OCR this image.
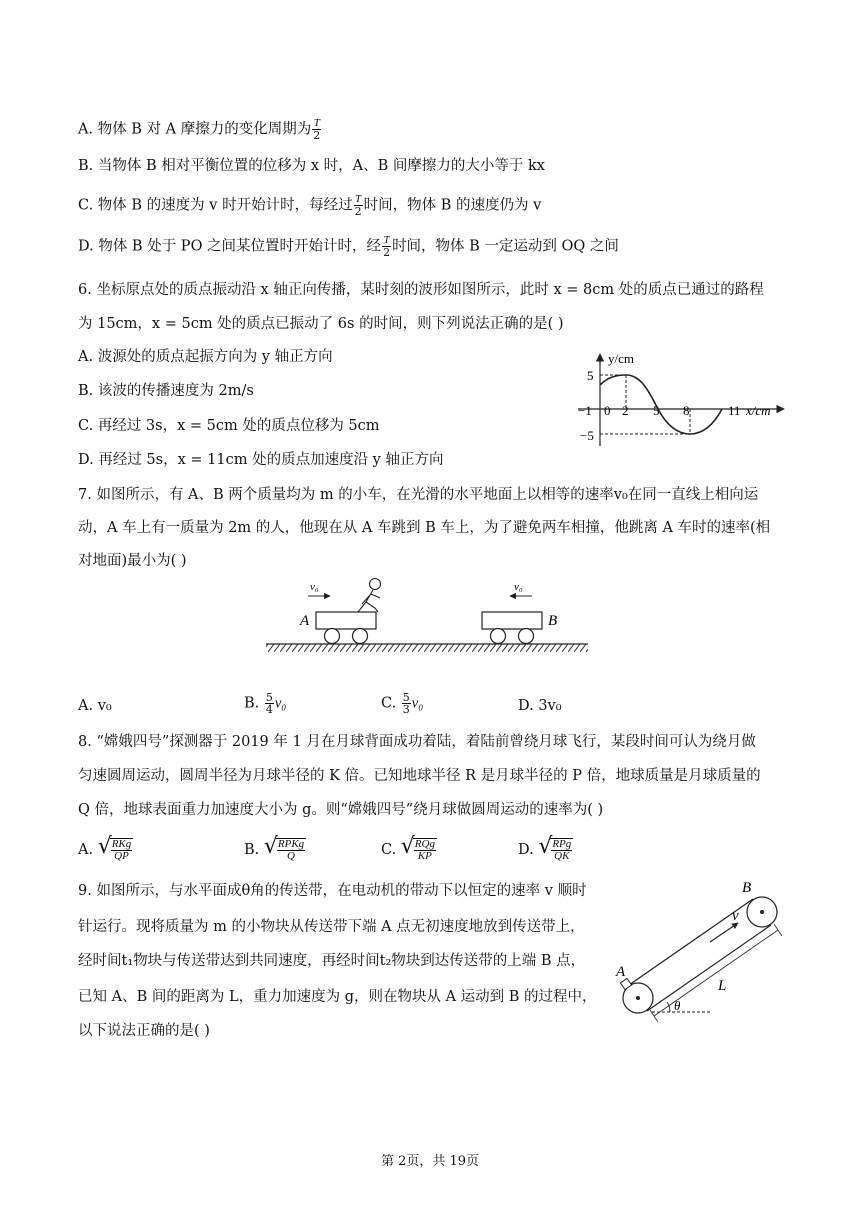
A. 物体 B 对 A 摩擦力的变化周期为 $\frac{T}{2}$
B. 当物体 B 相对平衡位置的位移为 x 时，A、B 间摩擦力的大小等于 kx
C. 物体 B 的速度为 v 时开始计时，每经过 $\frac{T}{2}$ 时间，物体 B 的速度仍为 v
D. 物体 B 处于 PO 之间某位置时开始计时，经 $\frac{T}{2}$ 时间，物体 B 一定运动到 OQ 之间
6. 坐标原点处的质点振动沿 x 轴正向传播，某时刻的波形如图所示，此时 x = 8cm 处的质点已通过的路程
为 15cm，x = 5cm 处的质点已振动了 6s 的时间，则下列说法正确的是( )
A. 波源处的质点起振方向为 y 轴正方向
B. 该波的传播速度为 2m/s
C. 再经过 3s，x = 5cm 处的质点位移为 5cm
D. 再经过 5s，x = 11cm 处的质点加速度沿 y 轴正方向
y/cm
x/cm
5
−5
−1 0 2 5 8	11
7. 如图所示，有 A、B 两个质量均为 m 的小车，在光滑的水平地面上以相等的速率v₀在同一直线上相向运
动，A 车上有一质量为 2m 的人，他现在从 A 车跳到 B 车上，为了避免两车相撞，他跳离 A 车时的速率(相
对地面)最小为( )
A
v₀
B
v₀
A. v₀	B. $\frac{5}{4} v_0$	C. $\frac{5}{3} v_0$	D. 3v₀
8. “嫦娥四号”探测器于 2019 年 1 月在月球背面成功着陆，着陆前曾绕月球飞行，某段时间可认为绕月做
匀速圆周运动，圆周半径为月球半径的 K 倍。已知地球半径 R 是月球半径的 P 倍，地球质量是月球质量的
Q 倍，地球表面重力加速度大小为 g。则“嫦娥四号”绕月球做圆周运动的速率为( )
A. √
$\frac{\text{RKg}}{QP}$	B. √
$\frac{\text{RPKg}}{Q}$	C. √
$\frac{\text{RQg}}{KP}$	D. √
$\frac{\text{RPg}}{QK}$
9. 如图所示，与水平面成θ角的传送带，在电动机的带动下以恒定的速率 v 顺时
针运行。现将质量为 m 的小物块从传送带下端 A 点无初速度地放到传送带上，
经时间t₁物块与传送带达到共同速度，再经时间t₂物块到达传送带的上端 B 点，
已知 A、B 间的距离为 L，重力加速度为 g，则在物块从 A 运动到 B 的过程中，
以下说法正确的是( )
A
B
v
L
θ
第 2页，共 19页
